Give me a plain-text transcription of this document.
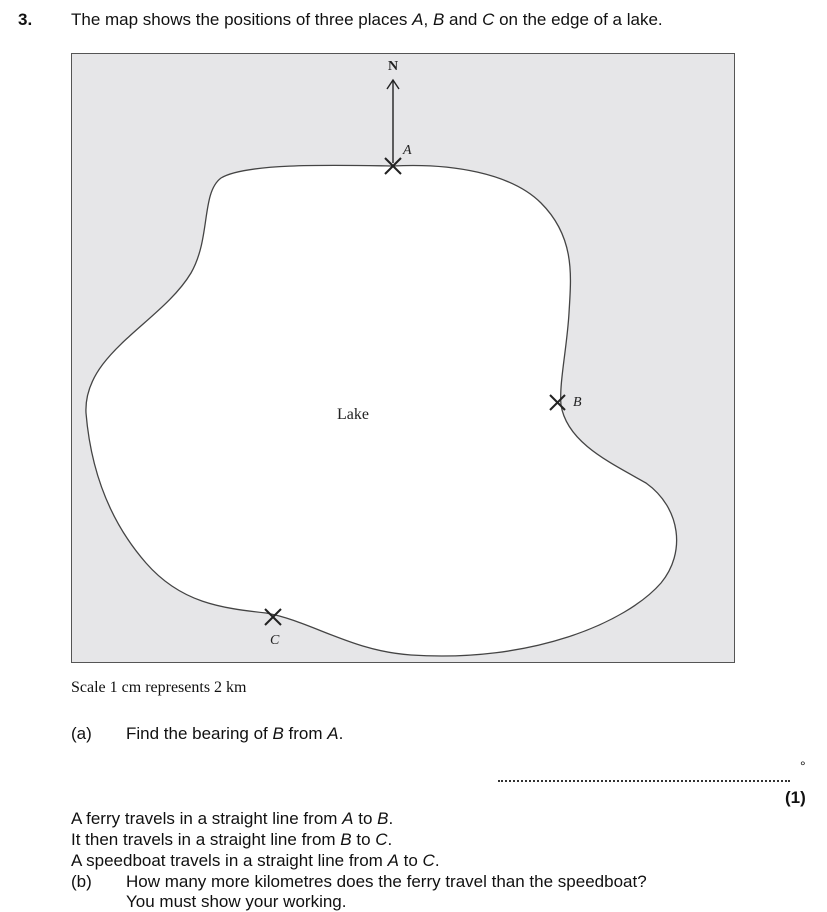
3. The map shows the positions of three places A, B and C on the edge of a lake.
N
A
B
C
Lake
Scale 1 cm represents 2 km
(a) Find the bearing of B from A.
°
(1)
A ferry travels in a straight line from A to B.
It then travels in a straight line from B to C.
A speedboat travels in a straight line from A to C.
(b) How many more kilometres does the ferry travel than the speedboat?
You must show your working.
